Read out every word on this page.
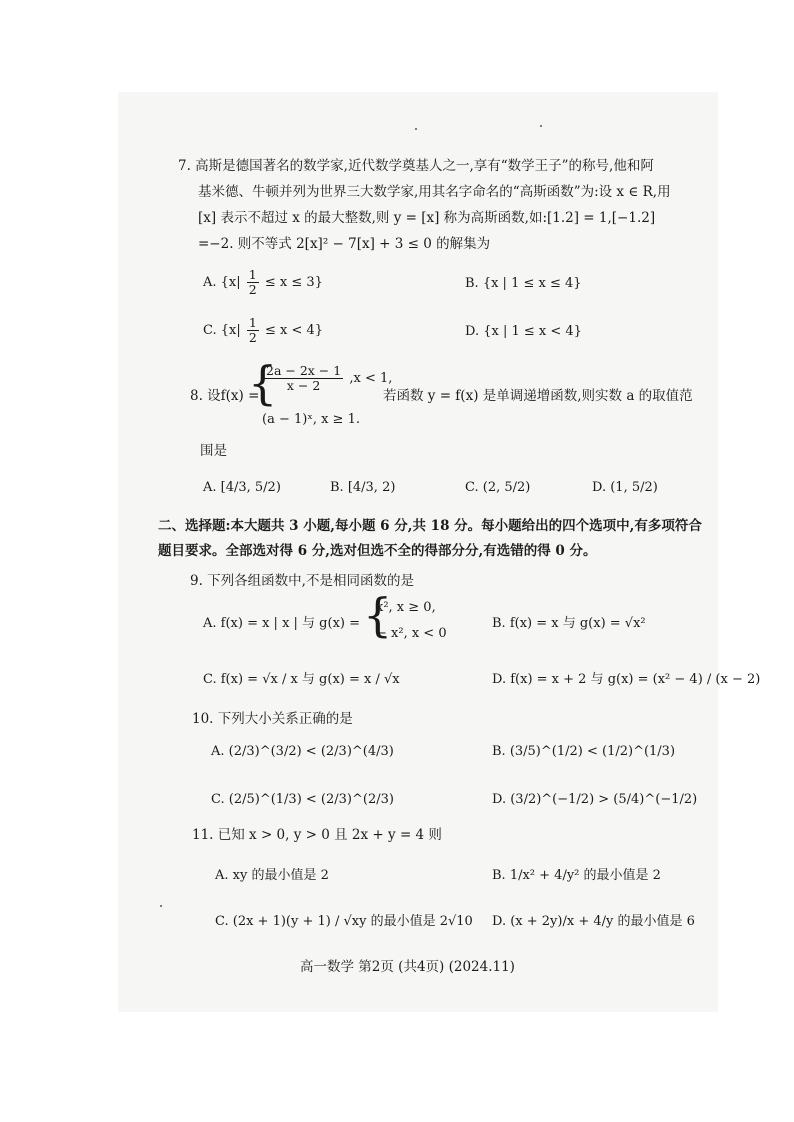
7. 高斯是德国著名的数学家,近代数学奠基人之一,享有“数学王子”的称号,他和阿
基米德、牛顿并列为世界三大数学家,用其名字命名的“高斯函数”为:设 x ∈ R,用
[x] 表示不超过 x 的最大整数,则 y = [x] 称为高斯函数,如:[1.2] = 1,[−1.2]
=−2. 则不等式 2[x]² − 7[x] + 3 ≤ 0 的解集为
A. $\{x| \frac{1}{2} \le x \le 3\}$	B. {x | 1 ≤ x ≤ 4}
C. $\{x| \frac{1}{2} \le x < 4\}$	D. {x | 1 ≤ x < 4}
8. 设f(x) =
{
$\frac{2a - 2x - 1}{x - 2} ,x < 1$,
(a − 1)ˣ, x ≥ 1.
若函数 y = f(x) 是单调递增函数,则实数 a 的取值范
围是
A. [4/3, 5/2)	B. [4/3, 2)	C. (2, 5/2)	D. (1, 5/2)
二、选择题:本大题共 3 小题,每小题 6 分,共 18 分。每小题给出的四个选项中,有多项符合
题目要求。全部选对得 6 分,选对但选不全的得部分分,有选错的得 0 分。
9. 下列各组函数中,不是相同函数的是
A. f(x) = x | x | 与 g(x) = {
x², x ≥ 0,
− x², x < 0
B. f(x) = x 与 g(x) = √x²
C. f(x) = √x / x 与 g(x) = x / √x	D. f(x) = x + 2 与 g(x) = (x² − 4) / (x − 2)
10. 下列大小关系正确的是
A. (2/3)^(3/2) < (2/3)^(4/3)	B. (3/5)^(1/2) < (1/2)^(1/3)
C. (2/5)^(1/3) < (2/3)^(2/3)	D. (3/2)^(−1/2) > (5/4)^(−1/2)
11. 已知 x > 0, y > 0 且 2x + y = 4 则
A. xy 的最小值是 2	B. 1/x² + 4/y² 的最小值是 2
C. (2x + 1)(y + 1) / √xy 的最小值是 2√10 D. (x + 2y)/x + 4/y 的最小值是 6
高一数学 第2页 (共4页) (2024.11)
